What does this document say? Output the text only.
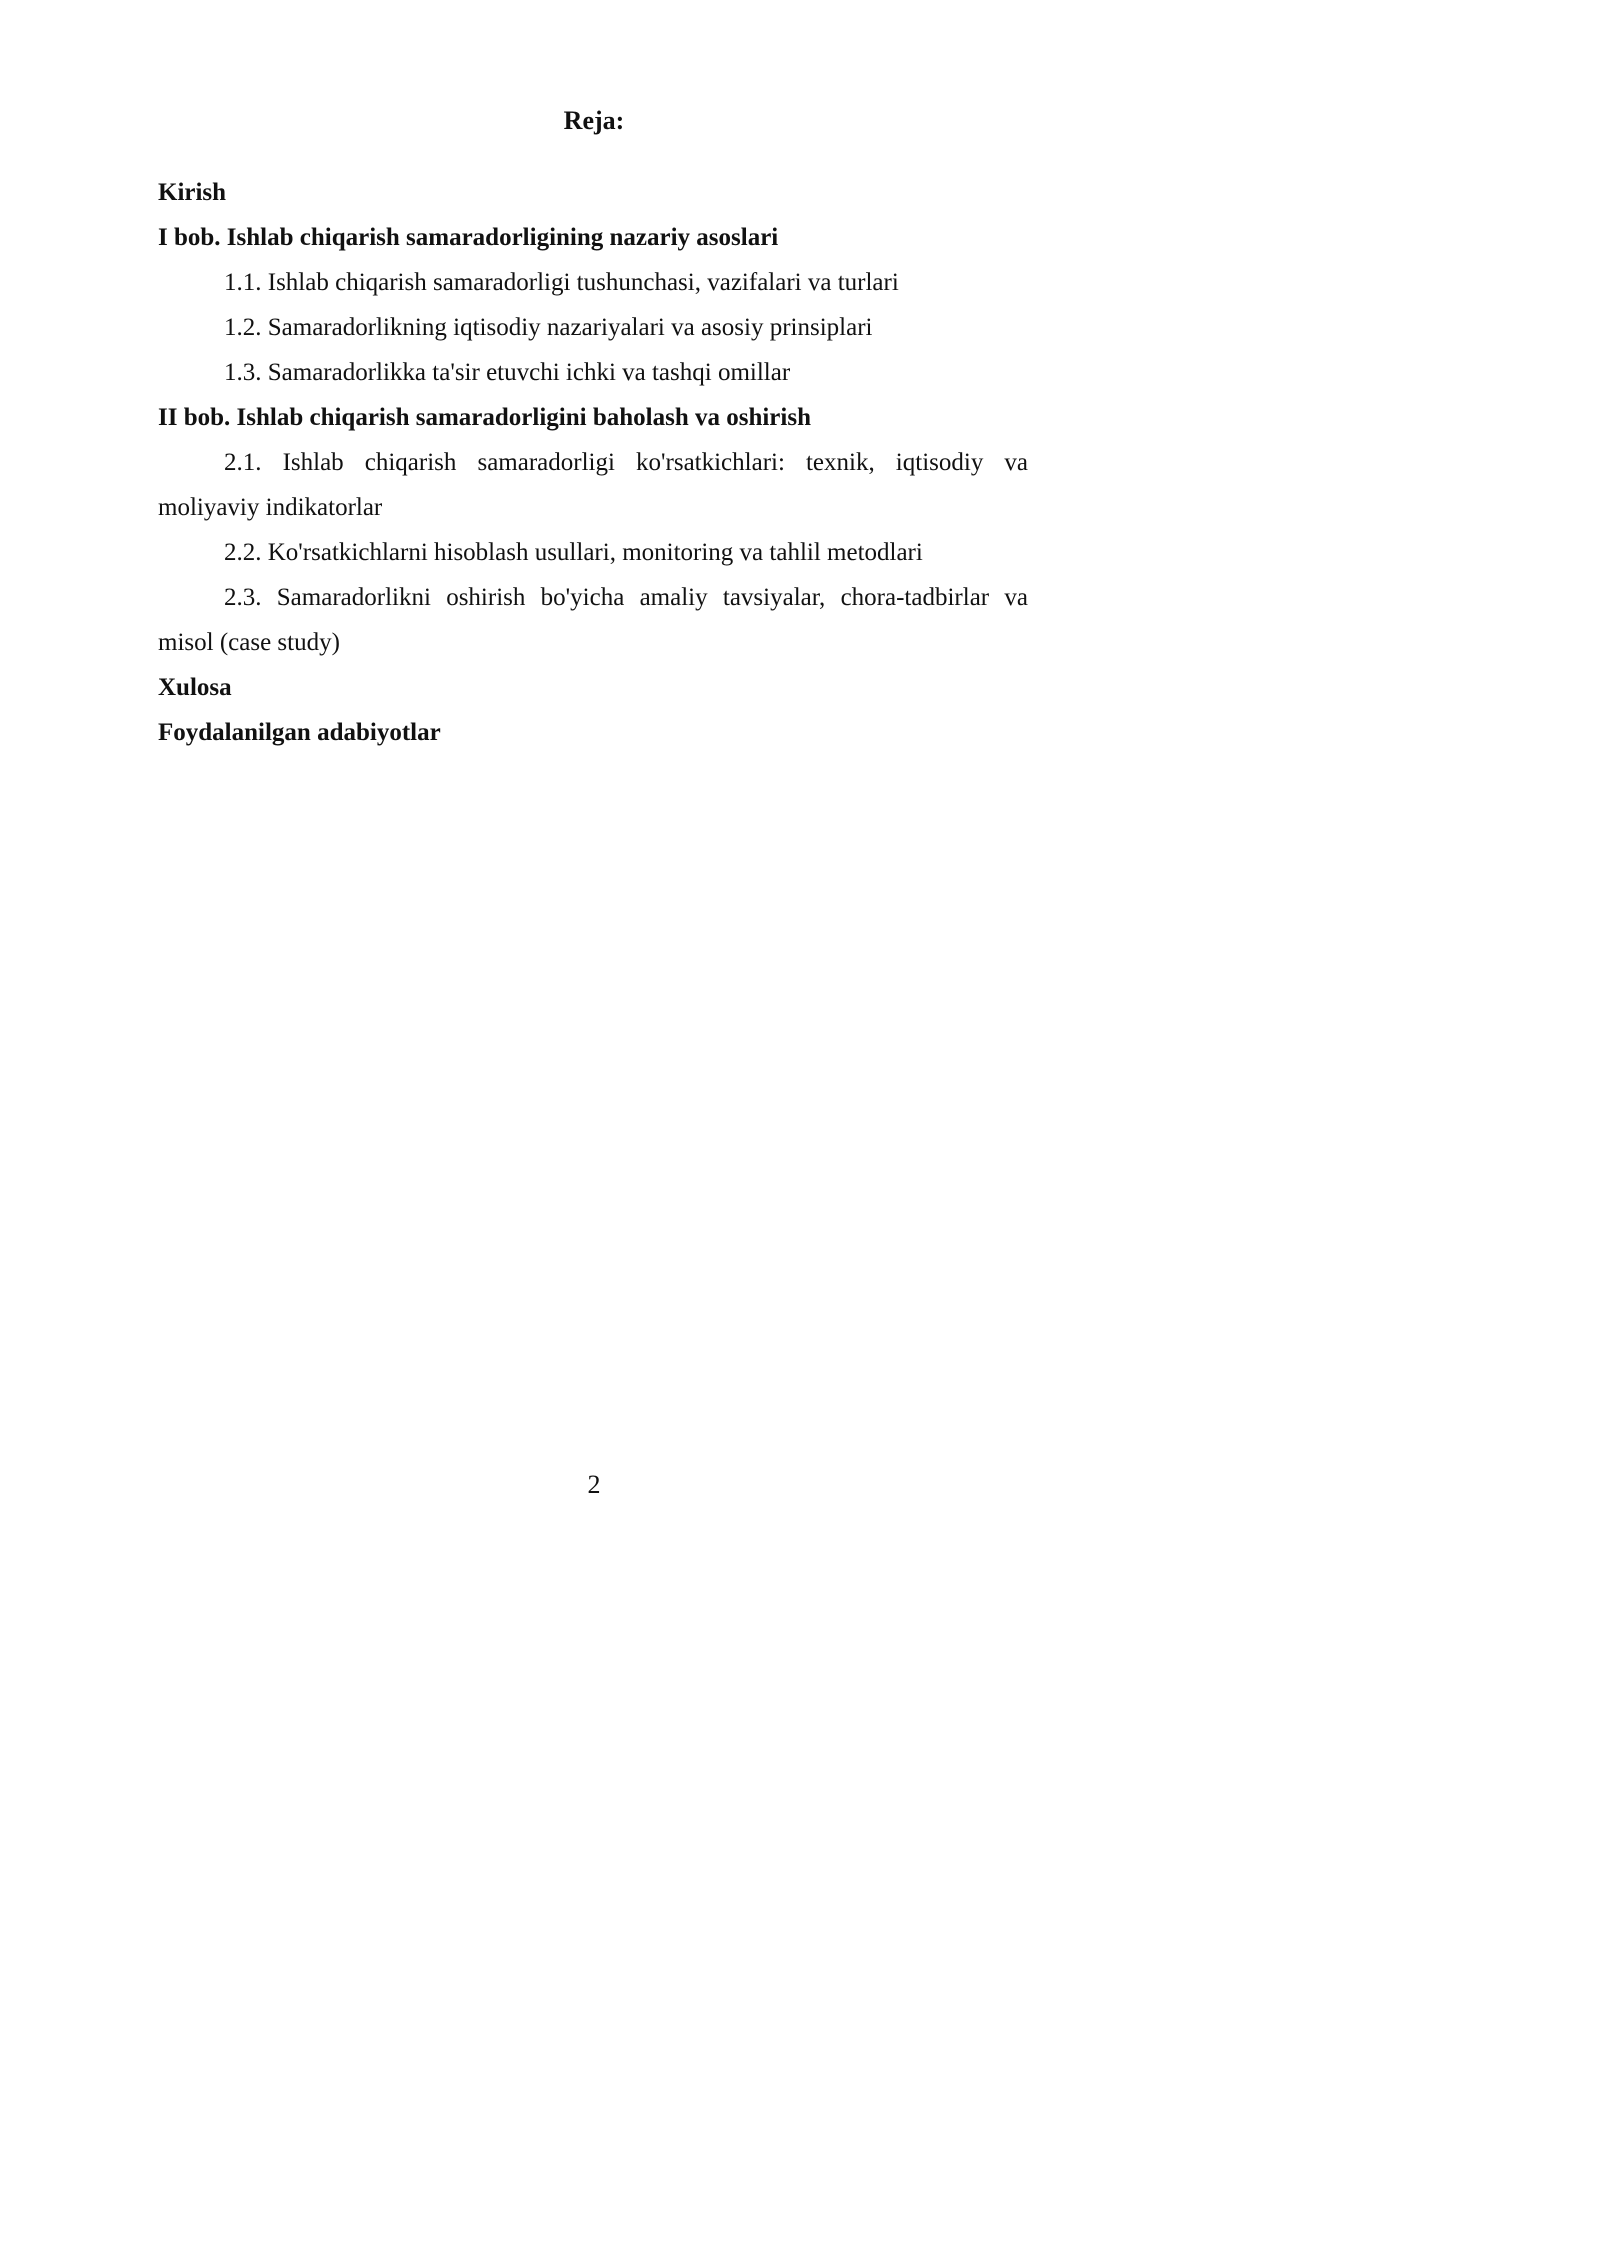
Reja:
Kirish
I bob. Ishlab chiqarish samaradorligining nazariy asoslari
1.1. Ishlab chiqarish samaradorligi tushunchasi, vazifalari va turlari
1.2. Samaradorlikning iqtisodiy nazariyalari va asosiy prinsiplari
1.3. Samaradorlikka ta'sir etuvchi ichki va tashqi omillar
II bob. Ishlab chiqarish samaradorligini baholash va oshirish
2.1. Ishlab chiqarish samaradorligi ko'rsatkichlari: texnik, iqtisodiy va
moliyaviy indikatorlar
2.2. Ko'rsatkichlarni hisoblash usullari, monitoring va tahlil metodlari
2.3. Samaradorlikni oshirish bo'yicha amaliy tavsiyalar, chora-tadbirlar va
misol (case study)
Xulosa
Foydalanilgan adabiyotlar
2
